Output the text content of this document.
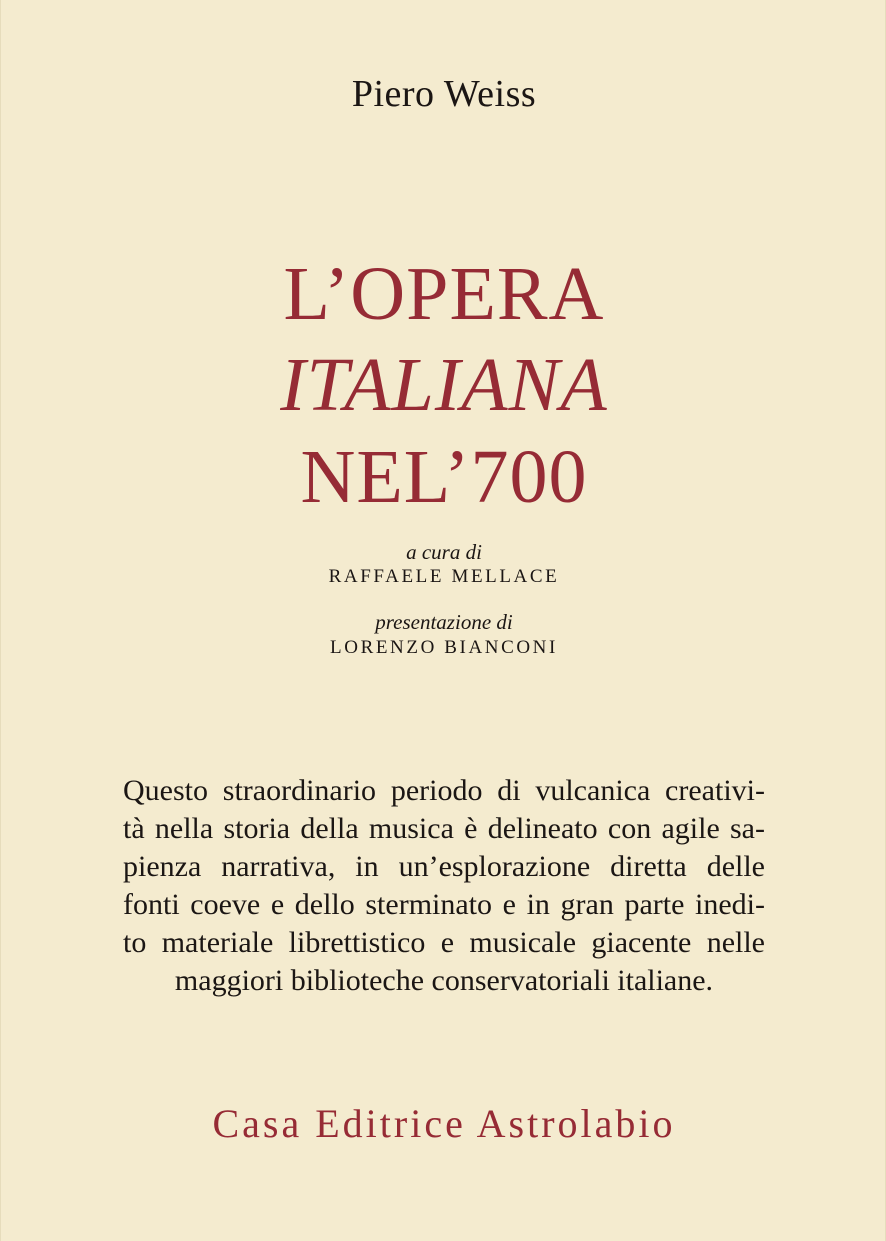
Piero Weiss
L’OPERA
ITALIANA
NEL’700
a cura di
RAFFAELE MELLACE
presentazione di
LORENZO BIANCONI
Questo straordinario periodo di vulcanica creativi-
tà nella storia della musica è delineato con agile sa-
pienza narrativa, in un’esplorazione diretta delle
fonti coeve e dello sterminato e in gran parte inedi-
to materiale librettistico e musicale giacente nelle
maggiori biblioteche conservatoriali italiane.
Casa Editrice Astrolabio
